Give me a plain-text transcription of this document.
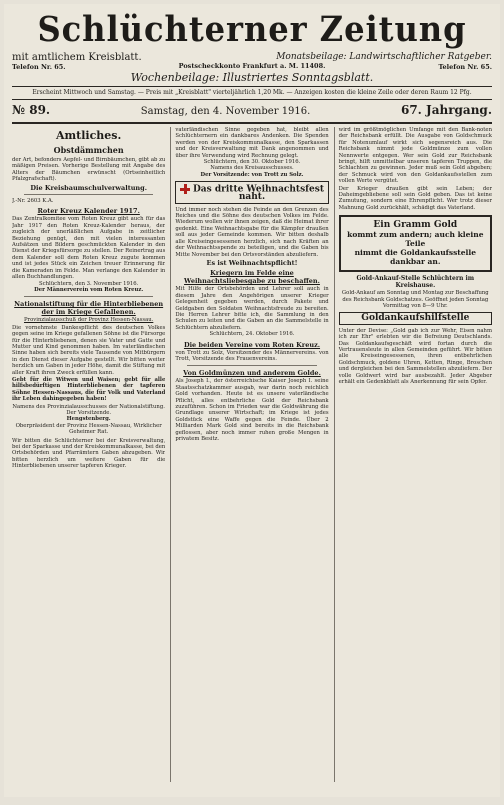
Schlüchterner Zeitung
mit amtlichem Kreisblatt.
Telefon Nr. 65.
Monatsbeilage: Landwirtschaftlicher Ratgeber.
Telefon Nr. 65.
Postscheckkonto Frankfurt a. M. 11408.
Wochenbeilage: Illustriertes Sonntagsblatt.
Erscheint Mittwoch und Samstag. — Preis mit „Kreisblatt" vierteljährlich 1,20 Mk. — Anzeigen kosten die kleine Zeile oder deren Raum 12 Pfg.
№ 89.	Samstag, den 4. November 1916.	67. Jahrgang.
Amtliches.
Obstdämmchen

der Art, befonders Aepfel- und Birnbäumchen, gibt ab zu mäßigen Preisen. Vorherige Bestellung mit Angabe des Alters der Bäumchen erwünscht (Ortseinheitlich Pfalzgrafschaft).

Die Kreisbaumschulverwaltung.
J.-Nr. 2603 K.A.
Roter Kreuz Kalender 1917.

Das Zentralkomitee vom Roten Kreuz gibt auch für das Jahr 1917 den Roten Kreuz-Kalender heraus, der zugleich der unerläßlichen Aufgabe in zeitlicher Beziehung genügt, den mit vielen interessanten Aufsätzen und Bildern geschmückten Kalender in den Dienst der Kriegsfürsorge zu stellen. Der Reinertrag aus dem Kalender soll dem Roten Kreuz zugute kommen und ist jedes Stück ein Zeichen treuer Erinnerung für die Kameraden im Felde. Man verlange den Kalender in allen Buchhandlungen.

Schlüchtern, den 3. November 1916.
Der Männerverein vom Roten Kreuz.
Nationalstiftung für die Hinterbliebenen der im Kriege Gefallenen.
Provinzialausschuß der Provinz Hessen-Nassau.

Die vornehmste Dankespflicht des deutschen Volkes gegen seine im Kriege gefallenen Söhne ist die Fürsorge für die Hinterbliebenen, denen sie Vater und Gatte und Mutter und Kind genommen haben. Im vaterländischen Sinne haben sich bereits viele Tausende von Mitbürgern in den Dienst dieser Aufgabe gestellt. Wir bitten weiter herzlich um Gaben in jeder Höhe, damit die Stiftung mit aller Kraft ihren Zweck erfüllen kann.

Gebt für die Witwen und Waisen; gebt für alle hilfsbedürftigen Hinterbliebenen der tapferen Söhne Hessen-Nassaus, die für Volk und Vaterland ihr Leben dahingegeben haben!

Namens des Provinzialausschusses der Nationalstiftung.
Der Vorsitzende.
Hengstenberg.
Oberpräsident der Provinz Hessen-Nassau, Wirklicher Geheimer Rat.

Wir bitten die Schlüchterner bei der Kreisverwaltung, bei der Sparkasse und der Kreiskommunalkasse, bei den Ortsbehörden und Pfarrämtern Gaben abzugeben. Wir bitten herzlich um weitere Gaben für die Hinterbliebenen unserer tapferen Krieger.

vaterländischen Sinne gegeben hat, bleibt allen Schlüchternern ein dankbares Andenken. Die Spenden werden von der Kreiskommunalkasse, den Sparkassen und der Kreisverwaltung mit Dank angenommen und über ihre Verwendung wird Rechnung gelegt.

Schlüchtern, den 30. Oktober 1916.
Namens des Kreisausschusses.
Der Vorsitzende: von Trott zu Solz.
Das dritte Weihnachtsfest naht.

Und immer noch stehen die Feinde an den Grenzen des Reiches und die Söhne des deutschen Volkes im Felde. Wiederum wollen wir ihnen zeigen, daß die Heimat ihrer gedenkt. Eine Weihnachtsgabe für die Kämpfer draußen soll aus jeder Gemeinde kommen. Wir bitten deshalb alle Kreiseingesessenen herzlich, sich nach Kräften an der Weihnachtsspende zu beteiligen, und die Gaben bis Mitte November bei den Ortsvorständen abzuliefern.

Es ist Weihnachtspflicht!
Kriegern im Felde eine Weihnachtsliebesgabe zu beschaffen.

Mit Hilfe der Ortsbehörden und Lehrer soll auch in diesem Jahre den Angehörigen unserer Krieger Gelegenheit gegeben werden, durch Pakete und Geldgaben den Soldaten Weihnachtsfreude zu bereiten. Die Herren Lehrer bitte ich, die Sammlung in den Schulen zu leiten und die Gaben an die Sammelstelle in Schlüchtern abzuliefern.

Schlüchtern, 24. Oktober 1916.
Die beiden Vereine vom Roten Kreuz.

von Trott zu Solz, Vorsitzender des Männervereins. von Trott, Vorsitzende des Frauenvereins.

Von Goldmünzen und anderem Golde.

Als Joseph I., der österreichische Kaiser Joseph I. seine Staatsschatzkammer ausgab, war darin noch reichlich Gold vorhanden. Heute ist es unsere vaterländische Pflicht, alles entbehrliche Gold der Reichsbank zuzuführen. Schon im Frieden war die Goldwährung die Grundlage unserer Wirtschaft; im Kriege ist jedes Goldstück eine Waffe gegen die Feinde. Über 2 Milliarden Mark Gold sind bereits in die Reichsbank geflossen, aber noch immer ruhen große Mengen in privatem Besitz.

wird im größtmöglichen Umfange mit den Bank-noten der Reichsbank erfüllt. Die Ausgabe von Goldschmuck für Notenumlauf wirkt sich segensreich aus. Die Reichsbank nimmt jede Goldmünze zum vollen Nennwerte entgegen. Wer sein Gold zur Reichsbank bringt, hilft unmittelbar unseren tapferen Truppen, die Schlachten zu gewinnen. Jeder muß sein Gold abgeben; der Schmuck wird von den Goldankaufsstellen zum vollen Werte vergütet.

Der Krieger draußen gibt sein Leben; der Daheimgebliebene soll sein Gold geben. Das ist keine Zumutung, sondern eine Ehrenpflicht. Wer trotz dieser Mahnung Gold zurückhält, schädigt das Vaterland.

Ein Gramm Gold
kommt zum andern; auch kleine Teile
nimmt die Goldankaufsstelle dankbar an.
Gold-Ankauf-Stelle Schlüchtern im Kreishause.

Gold-Ankauf am Sonntag und Montag zur Beschaffung des Reichsbank Goldschatzes. Geöffnet jeden Sonntag Vormittag von 8—9 Uhr.

Goldankaufshilfstelle

Unter der Devise: „Gold gab ich zur Wehr, Eisen nahm ich zur Ehr" erlebten wir die Befreiung Deutschlands. Das Goldankaufsgeschäft wird fortan durch die Vertrauensleute in allen Gemeinden geführt. Wir bitten alle Kreiseingesessenen, ihren entbehrlichen Goldschmuck, goldene Uhren, Ketten, Ringe, Broschen und dergleichen bei den Sammelstellen abzuliefern. Der volle Goldwert wird bar ausbezahlt. Jeder Abgeber erhält ein Gedenkblatt als Anerkennung für sein Opfer.
